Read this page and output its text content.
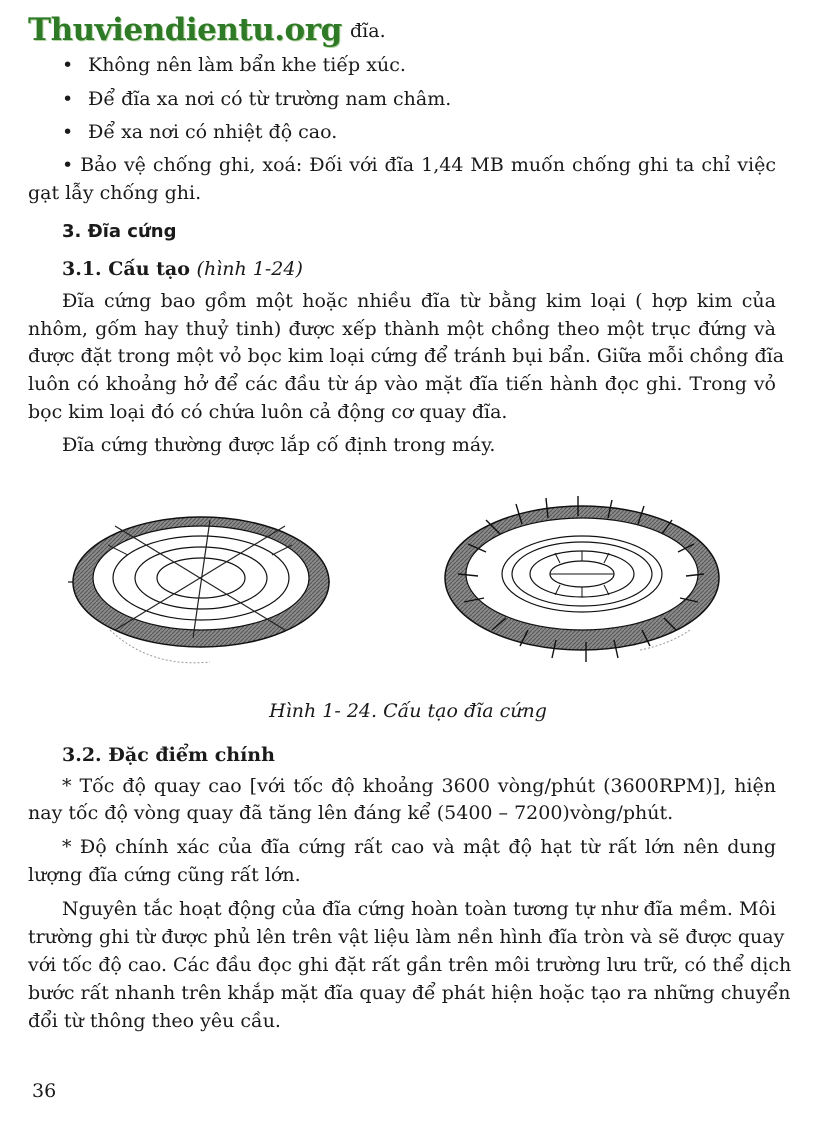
Thuviendientu.org đĩa.
• Không nên làm bẩn khe tiếp xúc.
• Để đĩa xa nơi có từ trường nam châm.
• Để xa nơi có nhiệt độ cao.
• Bảo vệ chống ghi, xoá: Đối với đĩa 1,44 MB muốn chống ghi ta chỉ việc
gạt lẫy chống ghi.
3. Đĩa cứng
3.1. Cấu tạo (hình 1-24)
Đĩa cứng bao gồm một hoặc nhiều đĩa từ bằng kim loại ( hợp kim của
nhôm, gốm hay thuỷ tinh) được xếp thành một chồng theo một trục đứng và
được đặt trong một vỏ bọc kim loại cứng để tránh bụi bẩn. Giữa mỗi chồng đĩa
luôn có khoảng hở để các đầu từ áp vào mặt đĩa tiến hành đọc ghi. Trong vỏ
bọc kim loại đó có chứa luôn cả động cơ quay đĩa.
Đĩa cứng thường được lắp cố định trong máy.
Hình 1- 24. Cấu tạo đĩa cứng
3.2. Đặc điểm chính
* Tốc độ quay cao [với tốc độ khoảng 3600 vòng/phút (3600RPM)], hiện
nay tốc độ vòng quay đã tăng lên đáng kể (5400 – 7200)vòng/phút.
* Độ chính xác của đĩa cứng rất cao và mật độ hạt từ rất lớn nên dung
lượng đĩa cứng cũng rất lớn.
Nguyên tắc hoạt động của đĩa cứng hoàn toàn tương tự như đĩa mềm. Môi
trường ghi từ được phủ lên trên vật liệu làm nền hình đĩa tròn và sẽ được quay
với tốc độ cao. Các đầu đọc ghi đặt rất gần trên môi trường lưu trữ, có thể dịch
bước rất nhanh trên khắp mặt đĩa quay để phát hiện hoặc tạo ra những chuyển
đổi từ thông theo yêu cầu.
36
